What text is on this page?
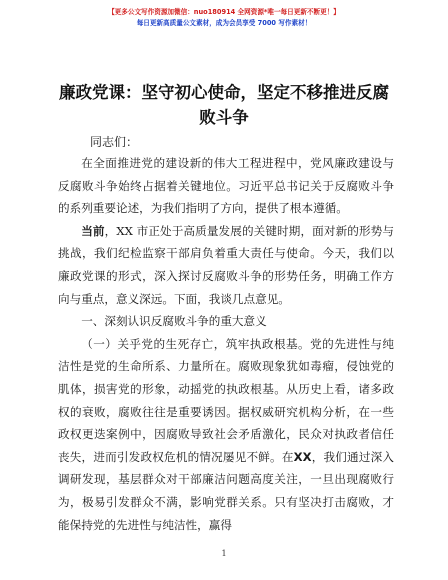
【更多公文写作资源加微信：nuo180914 全网资源*唯一每日更新不断更！】
每日更新高质量公文素材，成为会员享受 7000 写作素材！
廉政党课：坚守初心使命，坚定不移推进反腐败斗争
同志们：

在全面推进党的建设新的伟大工程进程中，党风廉政建设与反腐败斗争始终占据着关键地位。习近平总书记关于反腐败斗争的系列重要论述，为我们指明了方向，提供了根本遵循。

当前，XX 市正处于高质量发展的关键时期，面对新的形势与挑战，我们纪检监察干部肩负着重大责任与使命。今天，我们以廉政党课的形式，深入探讨反腐败斗争的形势任务，明确工作方向与重点，意义深远。下面，我谈几点意见。

一、深刻认识反腐败斗争的重大意义

（一）关乎党的生死存亡，筑牢执政根基。党的先进性与纯洁性是党的生命所系、力量所在。腐败现象犹如毒瘤，侵蚀党的肌体，损害党的形象，动摇党的执政根基。从历史上看，诸多政权的衰败，腐败往往是重要诱因。据权威研究机构分析，在一些政权更迭案例中，因腐败导致社会矛盾激化，民众对执政者信任丧失，进而引发政权危机的情况屡见不鲜。在XX，我们通过深入调研发现，基层群众对干部廉洁问题高度关注，一旦出现腐败行为，极易引发群众不满，影响党群关系。只有坚决打击腐败，才能保持党的先进性与纯洁性，赢得

1
